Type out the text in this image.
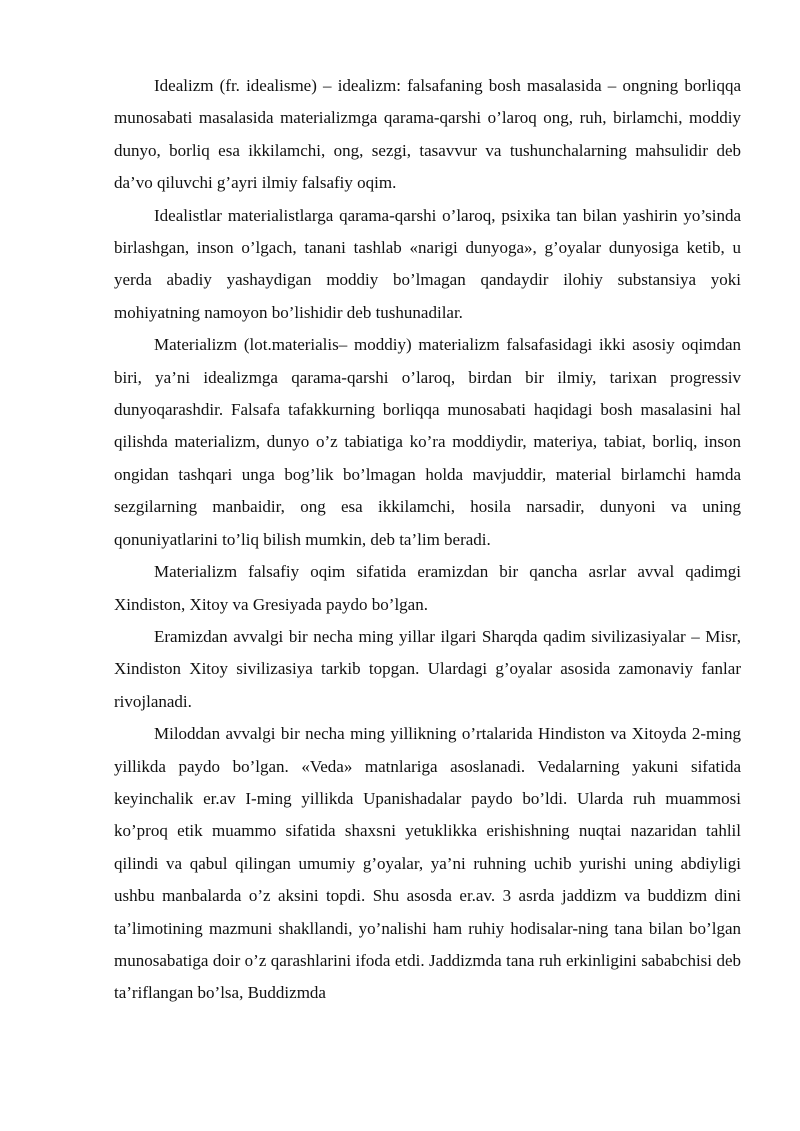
Idealizm (fr. idealisme) – idealizm: falsafaning bosh masalasida – ongning borliqqa munosabati masalasida materializmga qarama-qarshi o’laroq ong, ruh, birlamchi, moddiy dunyo, borliq esa ikkilamchi, ong, sezgi, tasavvur va tushunchalarning mahsulidir deb da’vo qiluvchi g’ayri ilmiy falsafiy oqim.

Idealistlar materialistlarga qarama-qarshi o’laroq, psixika tan bilan yashirin yo’sinda birlashgan, inson o’lgach, tanani tashlab «narigi dunyoga», g’oyalar dunyosiga ketib, u yerda abadiy yashaydigan moddiy bo’lmagan qandaydir ilohiy substansiya yoki mohiyatning namoyon bo’lishidir deb tushunadilar.

Materializm (lot.materialis– moddiy) materializm falsafasidagi ikki asosiy oqimdan biri, ya’ni idealizmga qarama-qarshi o’laroq, birdan bir ilmiy, tarixan progressiv dunyoqarashdir. Falsafa tafakkurning borliqqa munosabati haqidagi bosh masalasini hal qilishda materializm, dunyo o’z tabiatiga ko’ra moddiydir, materiya, tabiat, borliq, inson ongidan tashqari unga bog’lik bo’lmagan holda mavjuddir, material birlamchi hamda sezgilarning manbaidir, ong esa ikkilamchi, hosila narsadir, dunyoni va uning qonuniyatlarini to’liq bilish mumkin, deb ta’lim beradi.

Materializm falsafiy oqim sifatida eramizdan bir qancha asrlar avval qadimgi Xindiston, Xitoy va Gresiyada paydo bo’lgan.

Eramizdan avvalgi bir necha ming yillar ilgari Sharqda qadim sivilizasiyalar – Misr, Xindiston Xitoy sivilizasiya tarkib topgan. Ulardagi g’oyalar asosida zamonaviy fanlar rivojlanadi.

Miloddan avvalgi bir necha ming yillikning o’rtalarida Hindiston va Xitoyda 2-ming yillikda paydo bo’lgan. «Veda» matnlariga asoslanadi. Vedalarning yakuni sifatida keyinchalik er.av I-ming yillikda Upanishadalar paydo bo’ldi. Ularda ruh muammosi ko’proq etik muammo sifatida shaxsni yetuklikka erishishning nuqtai nazaridan tahlil qilindi va qabul qilingan umumiy g’oyalar, ya’ni ruhning uchib yurishi uning abdiyligi ushbu manbalarda o’z aksini topdi. Shu asosda er.av. 3 asrda jaddizm va buddizm dini ta’limotining mazmuni shakllandi, yo’nalishi ham ruhiy hodisalar-ning tana bilan bo’lgan munosabatiga doir o’z qarashlarini ifoda etdi. Jaddizmda tana ruh erkinligini sababchisi deb ta’riflangan bo’lsa, Buddizmda
